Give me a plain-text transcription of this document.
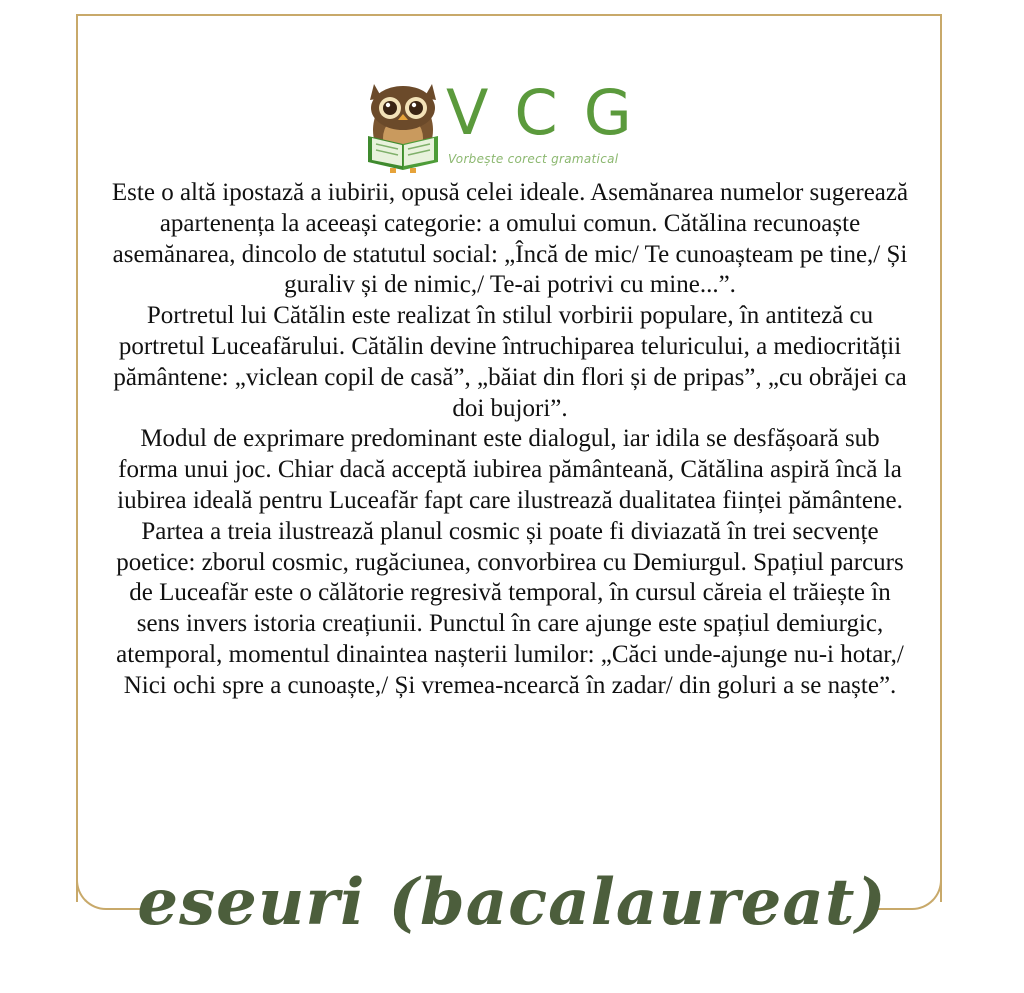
VCG
Vorbește corect gramatical

Este o altă ipostază a iubirii, opusă celei ideale. Asemănarea numelor sugerează apartenența la aceeași categorie: a omului comun. Cătălina recunoaște asemănarea, dincolo de statutul social: „Încă de mic/ Te cunoașteam pe tine,/ Și guraliv și de nimic,/ Te-ai potrivi cu mine...”.

Portretul lui Cătălin este realizat în stilul vorbirii populare, în antiteză cu portretul Luceafărului. Cătălin devine întruchiparea teluricului, a mediocrității pământene: „viclean copil de casă”, „băiat din flori și de pripas”, „cu obrăjei ca doi bujori”.

Modul de exprimare predominant este dialogul, iar idila se desfășoară sub forma unui joc. Chiar dacă acceptă iubirea pământeană, Cătălina aspiră încă la iubirea ideală pentru Luceafăr fapt care ilustrează dualitatea ființei pământene.

Partea a treia ilustrează planul cosmic și poate fi diviazată în trei secvențe poetice: zborul cosmic, rugăciunea, convorbirea cu Demiurgul. Spațiul parcurs de Luceafăr este o călătorie regresivă temporal, în cursul căreia el trăiește în sens invers istoria creațiunii. Punctul în care ajunge este spațiul demiurgic, atemporal, momentul dinaintea nașterii lumilor: „Căci unde-ajunge nu-i hotar,/ Nici ochi spre a cunoaște,/ Și vremea-ncearcă în zadar/ din goluri a se naște”.

eseuri (bacalaureat)
